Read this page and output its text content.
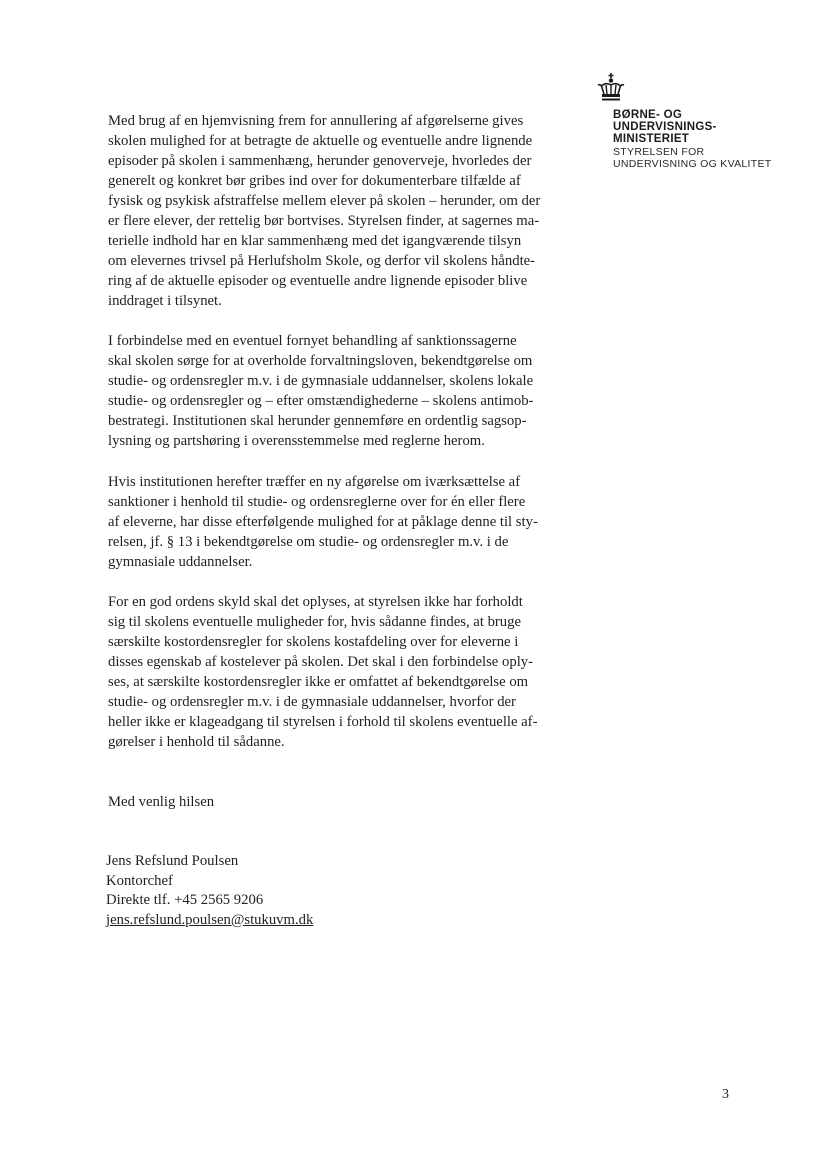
BØRNE- OG
UNDERVISNINGS-
MINISTERIET
STYRELSEN FOR
UNDERVISNING OG KVALITET
Med brug af en hjemvisning frem for annullering af afgørelserne gives
skolen mulighed for at betragte de aktuelle og eventuelle andre lignende
episoder på skolen i sammenhæng, herunder genoverveje, hvorledes der
generelt og konkret bør gribes ind over for dokumenterbare tilfælde af
fysisk og psykisk afstraffelse mellem elever på skolen – herunder, om der
er flere elever, der rettelig bør bortvises. Styrelsen finder, at sagernes ma-
terielle indhold har en klar sammenhæng med det igangværende tilsyn
om elevernes trivsel på Herlufsholm Skole, og derfor vil skolens håndte-
ring af de aktuelle episoder og eventuelle andre lignende episoder blive
inddraget i tilsynet.
I forbindelse med en eventuel fornyet behandling af sanktionssagerne
skal skolen sørge for at overholde forvaltningsloven, bekendtgørelse om
studie- og ordensregler m.v. i de gymnasiale uddannelser, skolens lokale
studie- og ordensregler og – efter omstændighederne – skolens antimob-
bestrategi. Institutionen skal herunder gennemføre en ordentlig sagsop-
lysning og partshøring i overensstemmelse med reglerne herom.
Hvis institutionen herefter træffer en ny afgørelse om iværksættelse af
sanktioner i henhold til studie- og ordensreglerne over for én eller flere
af eleverne, har disse efterfølgende mulighed for at påklage denne til sty-
relsen, jf. § 13 i bekendtgørelse om studie- og ordensregler m.v. i de
gymnasiale uddannelser.
For en god ordens skyld skal det oplyses, at styrelsen ikke har forholdt
sig til skolens eventuelle muligheder for, hvis sådanne findes, at bruge
særskilte kostordensregler for skolens kostafdeling over for eleverne i
disses egenskab af kostelever på skolen. Det skal i den forbindelse oply-
ses, at særskilte kostordensregler ikke er omfattet af bekendtgørelse om
studie- og ordensregler m.v. i de gymnasiale uddannelser, hvorfor der
heller ikke er klageadgang til styrelsen i forhold til skolens eventuelle af-
gørelser i henhold til sådanne.
Med venlig hilsen
Jens Refslund Poulsen
Kontorchef
Direkte tlf. +45 2565 9206
jens.refslund.poulsen@stukuvm.dk
3
